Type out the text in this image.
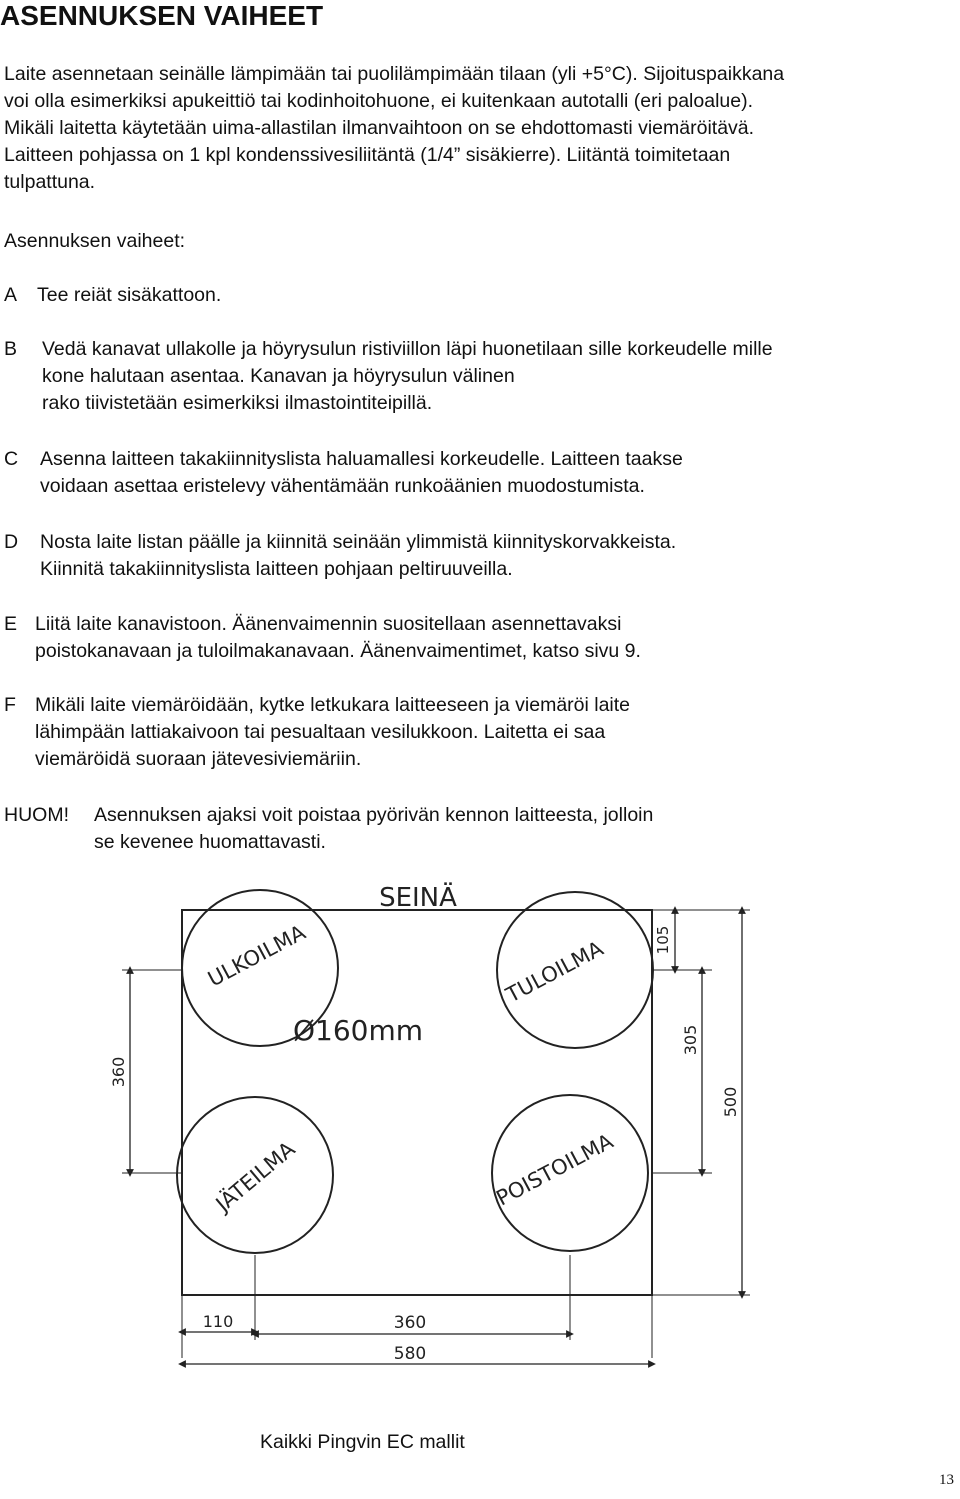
ASENNUKSEN VAIHEET
Laite asennetaan seinälle lämpimään tai puolilämpimään tilaan (yli +5°C). Sijoituspaikkana
voi olla esimerkiksi apukeittiö tai kodinhoitohuone, ei kuitenkaan autotalli (eri paloalue).
Mikäli laitetta käytetään uima-allastilan ilmanvaihtoon on se ehdottomasti viemäröitävä.
Laitteen pohjassa on 1 kpl kondenssivesiliitäntä (1/4” sisäkierre). Liitäntä toimitetaan
tulpattuna.
Asennuksen vaiheet:
A Tee reiät sisäkattoon.
B Vedä kanavat ullakolle ja höyrysulun ristiviillon läpi huonetilaan sille korkeudelle mille
kone halutaan asentaa. Kanavan ja höyrysulun välinen
rako tiivistetään esimerkiksi ilmastointiteipillä.
C Asenna laitteen takakiinnityslista haluamallesi korkeudelle. Laitteen taakse
voidaan asettaa eristelevy vähentämään runkoäänien muodostumista.
D Nosta laite listan päälle ja kiinnitä seinään ylimmistä kiinnityskorvakkeista.
Kiinnitä takakiinnityslista laitteen pohjaan peltiruuveilla.
E Liitä laite kanavistoon. Äänenvaimennin suositellaan asennettavaksi
poistokanavaan ja tuloilmakanavaan. Äänenvaimentimet, katso sivu 9.
F Mikäli laite viemäröidään, kytke letkukara laitteeseen ja viemäröi laite
lähimpään lattiakaivoon tai pesualtaan vesilukkoon. Laitetta ei saa
viemäröidä suoraan jätevesiviemäriin.
HUOM! Asennuksen ajaksi voit poistaa pyörivän kennon laitteesta, jolloin
se kevenee huomattavasti.
SEINÄ
ULKOILMA	TULOILMA
JÄTEILMA	POISTOILMA
Ø160mm
360
105
305
500
110	360
580
Kaikki Pingvin EC mallit
13
